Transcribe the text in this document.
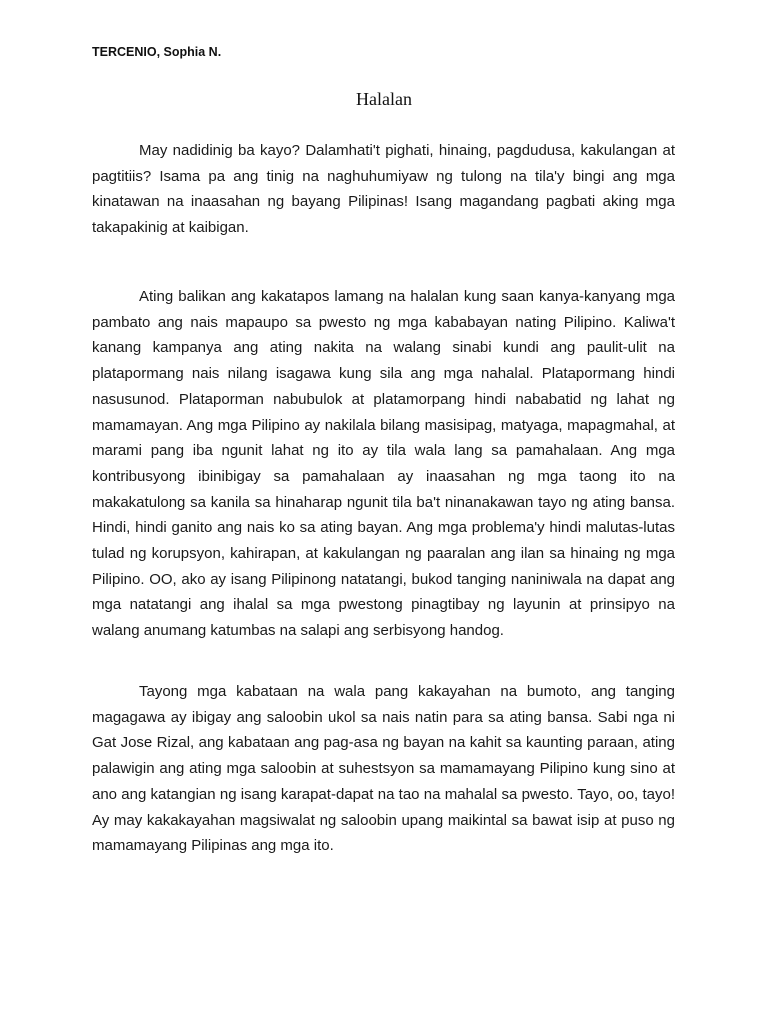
TERCENIO, Sophia N.
Halalan

May nadidinig ba kayo? Dalamhati't pighati, hinaing, pagdudusa, kakulangan at pagtitiis? Isama pa ang tinig na naghuhumiyaw ng tulong na tila'y bingi ang mga kinatawan na inaasahan ng bayang Pilipinas! Isang magandang pagbati aking mga takapakinig at kaibigan.

Ating balikan ang kakatapos lamang na halalan kung saan kanya-kanyang mga pambato ang nais mapaupo sa pwesto ng mga kababayan nating Pilipino. Kaliwa't kanang kampanya ang ating nakita na walang sinabi kundi ang paulit-ulit na platapormang nais nilang isagawa kung sila ang mga nahalal. Platapormang hindi nasusunod. Plataporman nabubulok at platamorpang hindi nababatid ng lahat ng mamamayan. Ang mga Pilipino ay nakilala bilang masisipag, matyaga, mapagmahal, at marami pang iba ngunit lahat ng ito ay tila wala lang sa pamahalaan. Ang mga kontribusyong ibinibigay sa pamahalaan ay inaasahan ng mga taong ito na makakatulong sa kanila sa hinaharap ngunit tila ba't ninanakawan tayo ng ating bansa. Hindi, hindi ganito ang nais ko sa ating bayan. Ang mga problema'y hindi malutas-lutas tulad ng korupsyon, kahirapan, at kakulangan ng paaralan ang ilan sa hinaing ng mga Pilipino. OO, ako ay isang Pilipinong natatangi, bukod tanging naniniwala na dapat ang mga natatangi ang ihalal sa mga pwestong pinagtibay ng layunin at prinsipyo na walang anumang katumbas na salapi ang serbisyong handog.

Tayong mga kabataan na wala pang kakayahan na bumoto, ang tanging magagawa ay ibigay ang saloobin ukol sa nais natin para sa ating bansa. Sabi nga ni Gat Jose Rizal, ang kabataan ang pag-asa ng bayan na kahit sa kaunting paraan, ating palawigin ang ating mga saloobin at suhestsyon sa mamamayang Pilipino kung sino at ano ang katangian ng isang karapat-dapat na tao na mahalal sa pwesto. Tayo, oo, tayo! Ay may kakakayahan magsiwalat ng saloobin upang maikintal sa bawat isip at puso ng mamamayang Pilipinas ang mga ito.
